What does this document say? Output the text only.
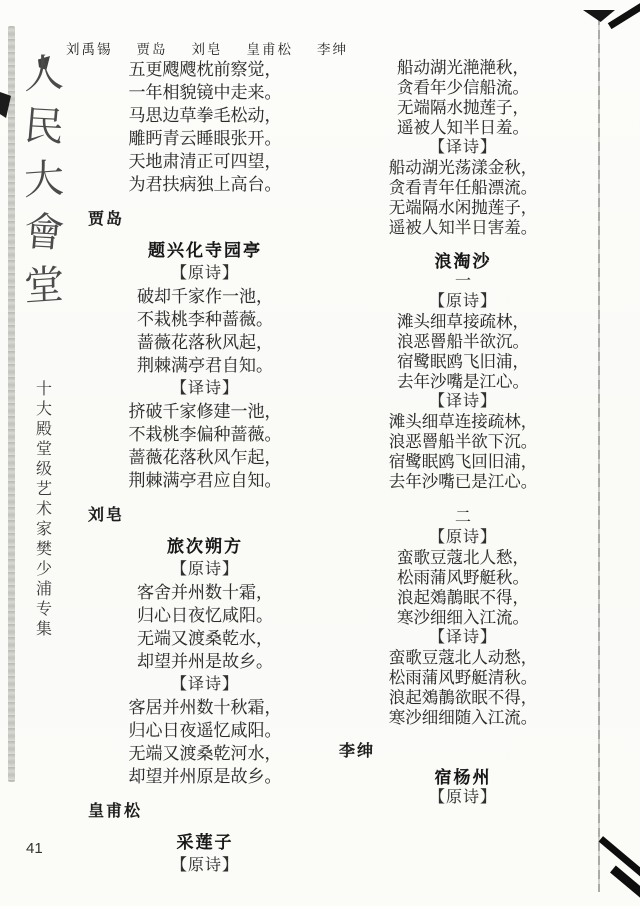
刘禹锡 贾岛 刘皂 皇甫松 李绅
人
民
大
會
堂
十
大
殿
堂
级
艺
术
家
樊
少
浦
专
集
41
五更飕飕枕前察觉，
一年相貌镜中走来。
马思边草拳毛松动，
雕眄青云睡眼张开。
天地肃清正可四望，
为君扶病独上高台。
贾岛
题兴化寺园亭
【原诗】
破却千家作一池，
不栽桃李种蔷薇。
蔷薇花落秋风起，
荆棘满亭君自知。
【译诗】
挤破千家修建一池，
不栽桃李偏种蔷薇。
蔷薇花落秋风乍起，
荆棘满亭君应自知。
刘皂
旅次朔方
【原诗】
客舍并州数十霜，
归心日夜忆咸阳。
无端又渡桑乾水，
却望并州是故乡。
【译诗】
客居并州数十秋霜，
归心日夜遥忆咸阳。
无端又渡桑乾河水，
却望并州原是故乡。
皇甫松
采莲子
【原诗】
船动湖光滟滟秋，
贪看年少信船流。
无端隔水抛莲子，
遥被人知半日羞。
【译诗】
船动湖光荡漾金秋，
贪看青年任船漂流。
无端隔水闲抛莲子，
遥被人知半日害羞。
浪淘沙
一
【原诗】
滩头细草接疏林，
浪恶罾船半欲沉。
宿鹭眠鸥飞旧浦，
去年沙嘴是江心。
【译诗】
滩头细草连接疏林，
浪恶罾船半欲下沉。
宿鹭眠鸥飞回旧浦，
去年沙嘴已是江心。
二
【原诗】
蛮歌豆蔻北人愁，
松雨蒲风野艇秋。
浪起鵁鶄眠不得，
寒沙细细入江流。
【译诗】
蛮歌豆蔻北人动愁，
松雨蒲风野艇清秋。
浪起鵁鶄欲眠不得，
寒沙细细随入江流。
李绅
宿杨州
【原诗】
